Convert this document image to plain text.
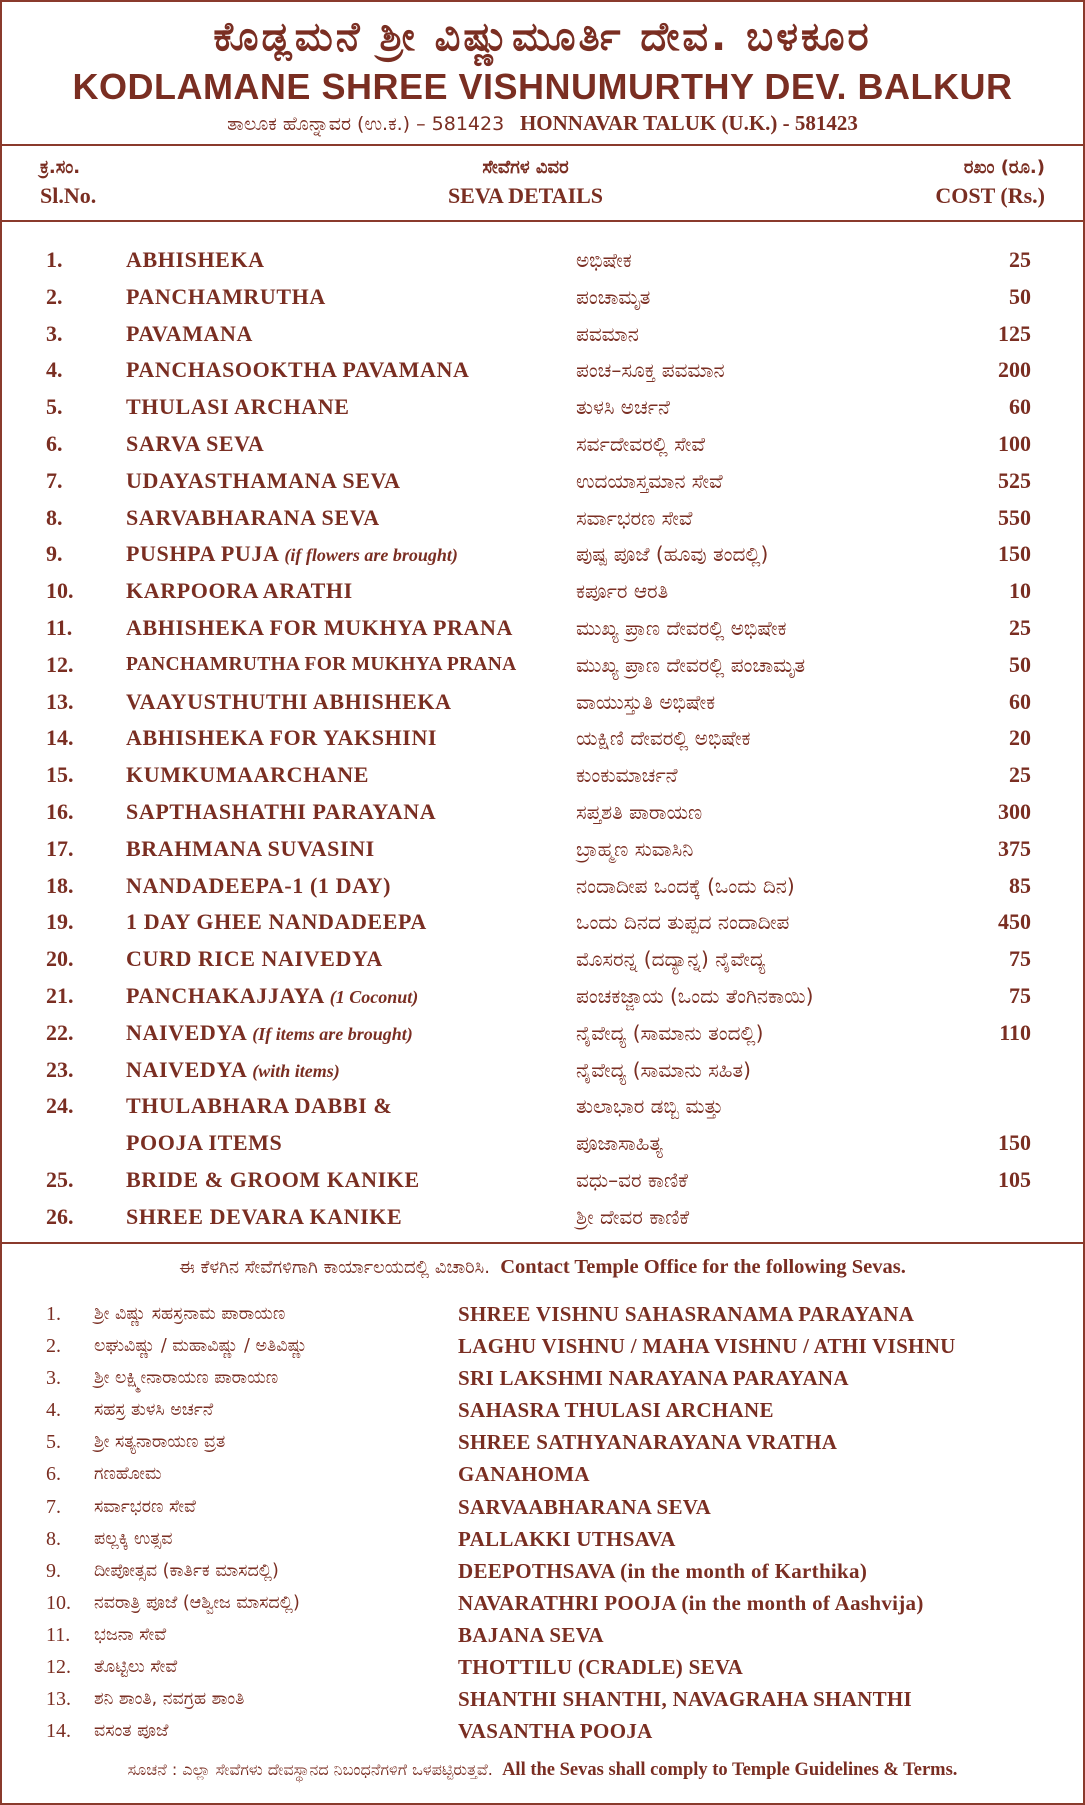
ಕೊಡ್ಲಮನೆ ಶ್ರೀ ವಿಷ್ಣುಮೂರ್ತಿ ದೇವ. ಬಳಕೂರ
KODLAMANE SHREE VISHNUMURTHY DEV. BALKUR
ತಾಲೂಕ ಹೊನ್ನಾವರ (ಉ.ಕ.) – 581423 HONNAVAR TALUK (U.K.) - 581423
ಕ್ರ.ಸಂ.
Sl.No.
ಸೇವೆಗಳ ವಿವರ
SEVA DETAILS
ರಖಂ (ರೂ.)
COST (Rs.)
1.	ABHISHEKA	ಅಭಿಷೇಕ	25
2.	PANCHAMRUTHA	ಪಂಚಾಮೃತ	50
3.	PAVAMANA	ಪವಮಾನ	125
4.	PANCHASOOKTHA PAVAMANA	ಪಂಚ–ಸೂಕ್ತ ಪವಮಾನ	200
5.	THULASI ARCHANE	ತುಳಸಿ ಅರ್ಚನೆ	60
6.	SARVA SEVA	ಸರ್ವದೇವರಲ್ಲಿ ಸೇವೆ	100
7.	UDAYASTHAMANA SEVA	ಉದಯಾಸ್ತಮಾನ ಸೇವೆ	525
8.	SARVABHARANA SEVA	ಸರ್ವಾಭರಣ ಸೇವೆ	550
9.	PUSHPA PUJA (if flowers are brought)	ಪುಷ್ಪ ಪೂಜೆ (ಹೂವು ತಂದಲ್ಲಿ)	150
10. KARPOORA ARATHI	ಕರ್ಪೂರ ಆರತಿ	10
11. ABHISHEKA FOR MUKHYA PRANA	ಮುಖ್ಯ ಪ್ರಾಣ ದೇವರಲ್ಲಿ ಅಭಿಷೇಕ	25
12.	PANCHAMRUTHA FOR MUKHYA PRANA	ಮುಖ್ಯ ಪ್ರಾಣ ದೇವರಲ್ಲಿ ಪಂಚಾಮೃತ	50
13. VAAYUSTHUTHI ABHISHEKA	ವಾಯುಸ್ತುತಿ ಅಭಿಷೇಕ	60
14. ABHISHEKA FOR YAKSHINI	ಯಕ್ಷಿಣಿ ದೇವರಲ್ಲಿ ಅಭಿಷೇಕ	20
15. KUMKUMAARCHANE	ಕುಂಕುಮಾರ್ಚನೆ	25
16. SAPTHASHATHI PARAYANA	ಸಪ್ತಶತಿ ಪಾರಾಯಣ	300
17. BRAHMANA SUVASINI	ಬ್ರಾಹ್ಮಣ ಸುವಾಸಿನಿ	375
18. NANDADEEPA-1 (1 DAY)	ನಂದಾದೀಪ ಒಂದಕ್ಕೆ (ಒಂದು ದಿನ)	85
19. 1 DAY GHEE NANDADEEPA	ಒಂದು ದಿನದ ತುಪ್ಪದ ನಂದಾದೀಪ	450
20. CURD RICE NAIVEDYA	ಮೊಸರನ್ನ (ದದ್ಯಾನ್ನ) ನೈವೇದ್ಯ	75
21. PANCHAKAJJAYA (1 Coconut)	ಪಂಚಕಜ್ಜಾಯ (ಒಂದು ತೆಂಗಿನಕಾಯಿ)	75
22. NAIVEDYA (If items are brought)	ನೈವೇದ್ಯ (ಸಾಮಾನು ತಂದಲ್ಲಿ)	110
23. NAIVEDYA (with items)	ನೈವೇದ್ಯ (ಸಾಮಾನು ಸಹಿತ)
24. THULABHARA DABBI &	ತುಲಾಭಾರ ಡಬ್ಬಿ ಮತ್ತು
POOJA ITEMS	ಪೂಜಾಸಾಹಿತ್ಯ	150
25. BRIDE & GROOM KANIKE	ವಧು–ವರ ಕಾಣಿಕೆ	105
26. SHREE DEVARA KANIKE	ಶ್ರೀ ದೇವರ ಕಾಣಿಕೆ
ಈ ಕೆಳಗಿನ ಸೇವೆಗಳಿಗಾಗಿ ಕಾರ್ಯಾಲಯದಲ್ಲಿ ವಿಚಾರಿಸಿ. Contact Temple Office for the following Sevas.
1. ಶ್ರೀ ವಿಷ್ಣು ಸಹಸ್ರನಾಮ ಪಾರಾಯಣ	SHREE VISHNU SAHASRANAMA PARAYANA
2. ಲಘುವಿಷ್ಣು / ಮಹಾವಿಷ್ಣು / ಅತಿವಿಷ್ಣು	LAGHU VISHNU / MAHA VISHNU / ATHI VISHNU
3. ಶ್ರೀ ಲಕ್ಷ್ಮೀನಾರಾಯಣ ಪಾರಾಯಣ	SRI LAKSHMI NARAYANA PARAYANA
4. ಸಹಸ್ರ ತುಳಸಿ ಅರ್ಚನೆ	SAHASRA THULASI ARCHANE
5. ಶ್ರೀ ಸತ್ಯನಾರಾಯಣ ವ್ರತ	SHREE SATHYANARAYANA VRATHA
6. ಗಣಹೋಮ	GANAHOMA
7. ಸರ್ವಾಭರಣ ಸೇವೆ	SARVAABHARANA SEVA
8. ಪಲ್ಲಕ್ಕಿ ಉತ್ಸವ	PALLAKKI UTHSAVA
9. ದೀಪೋತ್ಸವ (ಕಾರ್ತಿಕ ಮಾಸದಲ್ಲಿ)	DEEPOTHSAVA (in the month of Karthika)
10. ನವರಾತ್ರಿ ಪೂಜೆ (ಆಶ್ವೀಜ ಮಾಸದಲ್ಲಿ)	NAVARATHRI POOJA (in the month of Aashvija)
11. ಭಜನಾ ಸೇವೆ	BAJANA SEVA
12. ತೊಟ್ಟಿಲು ಸೇವೆ	THOTTILU (CRADLE) SEVA
13. ಶನಿ ಶಾಂತಿ, ನವಗ್ರಹ ಶಾಂತಿ	SHANTHI SHANTHI, NAVAGRAHA SHANTHI
14. ವಸಂತ ಪೂಜೆ	VASANTHA POOJA
ಸೂಚನೆ : ಎಲ್ಲಾ ಸೇವೆಗಳು ದೇವಸ್ಥಾನದ ನಿಬಂಧನೆಗಳಿಗೆ ಒಳಪಟ್ಟಿರುತ್ತವೆ. All the Sevas shall comply to Temple Guidelines & Terms.
